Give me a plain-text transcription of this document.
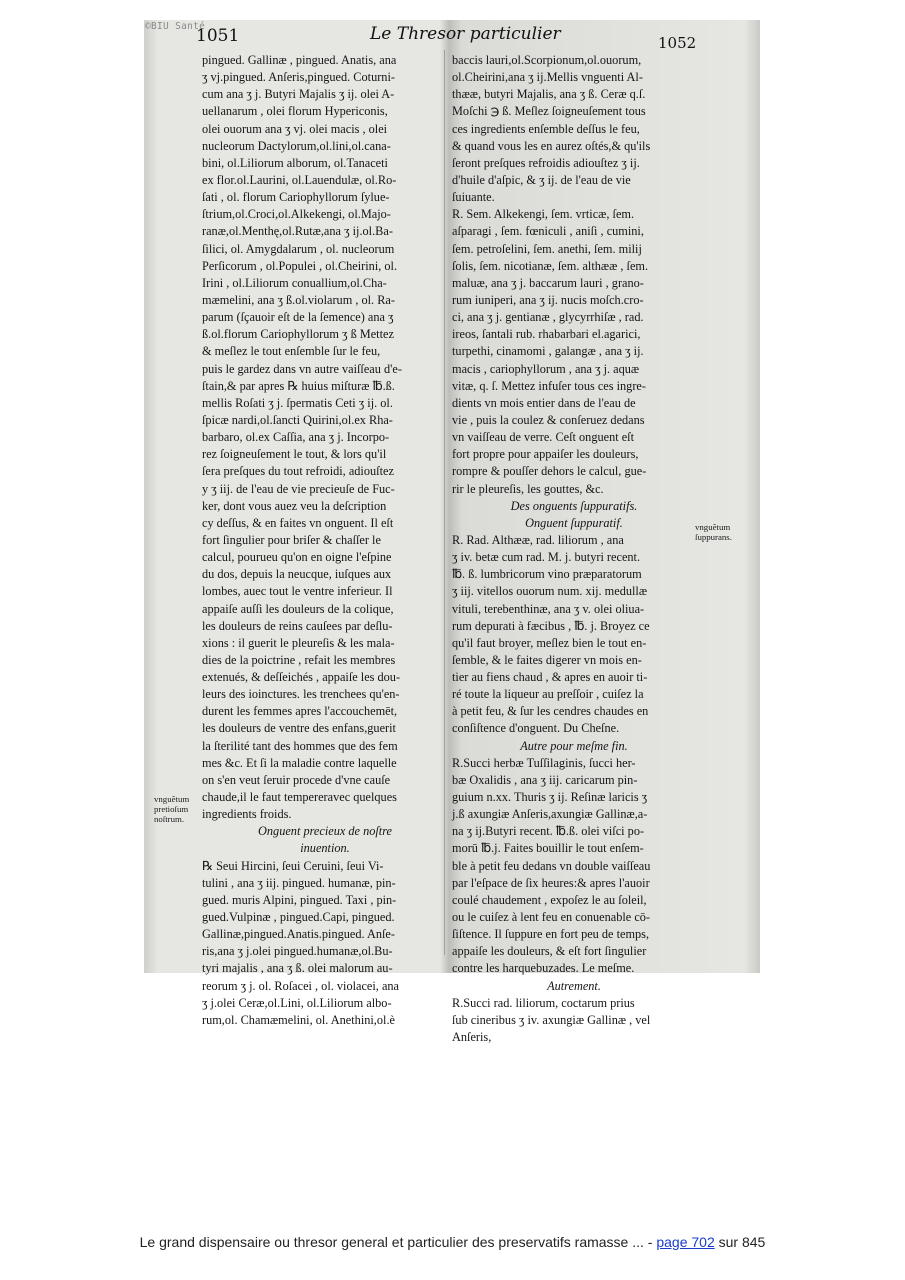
©BIU Santé
1051	Le Thresor particulier	1052
pingued. Gallinæ , pingued. Anatis, ana
ʒ vj.pingued. Anſeris,pingued. Coturni-
cum ana ʒ j. Butyri Majalis ʒ ij. olei A-
uellanarum , olei florum Hypericonis,
olei ouorum ana ʒ vj. olei macis , olei
nucleorum Dactylorum,ol.lini,ol.cana-
bini, ol.Liliorum alborum, ol.Tanaceti
ex flor.ol.Laurini, ol.Lauendulæ, ol.Ro-
ſati , ol. florum Cariophyllorum ſylue-
ſtrium,ol.Croci,ol.Alkekengi, ol.Majo-
ranæ,ol.Menthę,ol.Rutæ,ana ʒ ij.ol.Ba-
ſilici, ol. Amygdalarum , ol. nucleorum
Perſicorum , ol.Populei , ol.Cheirini, ol.
Irini , ol.Liliorum conuallium,ol.Cha-
mæmelini, ana ʒ ß.ol.violarum , ol. Ra-
parum (ſçauoir eſt de la ſemence) ana ʒ
ß.ol.florum Cariophyllorum ʒ ß Mettez
& meſlez le tout enſemble ſur le feu,
puis le gardez dans vn autre vaiſſeau d'e-
ſtain,& par apres ℞ huius miſturæ ℔.ß.
mellis Roſati ʒ j. ſpermatis Ceti ʒ ij. ol.
ſpicæ nardi,ol.ſancti Quirini,ol.ex Rha-
barbaro, ol.ex Caſſia, ana ʒ j. Incorpo-
rez ſoigneuſement le tout, & lors qu'il
ſera preſques du tout refroidi, adiouſtez
y ʒ iij. de l'eau de vie precieuſe de Fuc-
ker, dont vous auez veu la deſcription
cy deſſus, & en faites vn onguent. Il eſt
fort ſingulier pour briſer & chaſſer le
calcul, pourueu qu'on en oigne l'eſpine
du dos, depuis la neucque, iuſques aux
lombes, auec tout le ventre inferieur. Il
appaiſe auſſi les douleurs de la colique,
les douleurs de reins cauſees par deſlu-
xions : il guerit le pleureſis & les mala-
dies de la poictrine , refait les membres
extenués, & deſſeichés , appaiſe les dou-
leurs des ioinctures. les trenchees qu'en-
durent les femmes apres l'accouchemēt,
les douleurs de ventre des enfans,guerit
la ſterilité tant des hommes que des fem
mes &c. Et ſi la maladie contre laquelle
on s'en veut ſeruir procede d'vne cauſe
chaude,il le faut tempereravec quelques
ingredients froids.
Onguent precieux de noſtre
inuention.
℞ Seui Hircini, ſeui Ceruini, ſeui Vi-
tulini , ana ʒ iij. pingued. humanæ, pin-
gued. muris Alpini, pingued. Taxi , pin-
gued.Vulpinæ , pingued.Capi, pingued.
Gallinæ,pingued.Anatis.pingued. Anſe-
ris,ana ʒ j.olei pingued.humanæ,ol.Bu-
tyri majalis , ana ʒ ß. olei malorum au-
reorum ʒ j. ol. Roſacei , ol. violacei, ana
ʒ j.olei Ceræ,ol.Lini, ol.Liliorum albo-
rum,ol. Chamæmelini, ol. Anethini,ol.è
baccis lauri,ol.Scorpionum,ol.ouorum,
ol.Cheirini,ana ʒ ij.Mellis vnguenti Al-
thææ, butyri Majalis, ana ʒ ß. Ceræ q.ſ.
Moſchi ℈ ß. Meſlez ſoigneuſement tous
ces ingredients enſemble deſſus le feu,
& quand vous les en aurez oſtés,& qu'ils
ſeront preſques refroidis adiouſtez ʒ ij.
d'huile d'aſpic, & ʒ ij. de l'eau de vie
ſuiuante.
R. Sem. Alkekengi, ſem. vrticæ, ſem.
aſparagi , ſem. fœniculi , aniſi , cumini,
ſem. petroſelini, ſem. anethi, ſem. milij
ſolis, ſem. nicotianæ, ſem. althææ , ſem.
maluæ, ana ʒ j. baccarum lauri , grano-
rum iuniperi, ana ʒ ij. nucis moſch.cro-
ci, ana ʒ j. gentianæ , glycyrrhiſæ , rad.
ireos, ſantali rub. rhabarbari el.agarici,
turpethi, cinamomi , galangæ , ana ʒ ij.
macis , cariophyllorum , ana ʒ j. aquæ
vitæ, q. ſ. Mettez infuſer tous ces ingre-
dients vn mois entier dans de l'eau de
vie , puis la coulez & conſeruez dedans
vn vaiſſeau de verre. Ceſt onguent eſt
fort propre pour appaiſer les douleurs,
rompre & pouſſer dehors le calcul, gue-
rir le pleureſis, les gouttes, &c.
Des onguents ſuppuratifs.
Onguent ſuppuratif.
R. Rad. Althææ, rad. liliorum , ana
ʒ iv. betæ cum rad. M. j. butyri recent.
℔. ß. lumbricorum vino præparatorum
ʒ iij. vitellos ouorum num. xij. medullæ
vituli, terebenthinæ, ana ʒ v. olei oliua-
rum depurati à fæcibus , ℔. j. Broyez ce
qu'il faut broyer, meſlez bien le tout en-
ſemble, & le faites digerer vn mois en-
tier au fiens chaud , & apres en auoir ti-
ré toute la liqueur au preſſoir , cuiſez la
à petit feu, & ſur les cendres chaudes en
conſiſtence d'onguent. Du Cheſne.
Autre pour meſme fin.
R.Succi herbæ Tuſſilaginis, ſucci her-
bæ Oxalidis , ana ʒ iij. caricarum pin-
guium n.xx. Thuris ʒ ij. Reſinæ laricis ʒ
j.ß axungiæ Anſeris,axungiæ Gallinæ,a-
na ʒ ij.Butyri recent. ℔.ß. olei viſci po-
morū ℔.j. Faites bouillir le tout enſem-
ble à petit feu dedans vn double vaiſſeau
par l'eſpace de ſix heures:& apres l'auoir
coulé chaudement , expoſez le au ſoleil,
ou le cuiſez à lent feu en conuenable cō-
ſiſtence. Il ſuppure en fort peu de temps,
appaiſe les douleurs, & eſt fort ſingulier
contre les harquebuzades. Le meſme.
Autrement.
R.Succi rad. liliorum, coctarum prius
ſub cineribus ʒ iv. axungiæ Gallinæ , vel
Anſeris,
vnguẽtum
pretioſum
noſtrum.
vnguẽtum
ſuppurans.
Le grand dispensaire ou thresor general et particulier des preservatifs ramasse ... - page 702 sur 845
